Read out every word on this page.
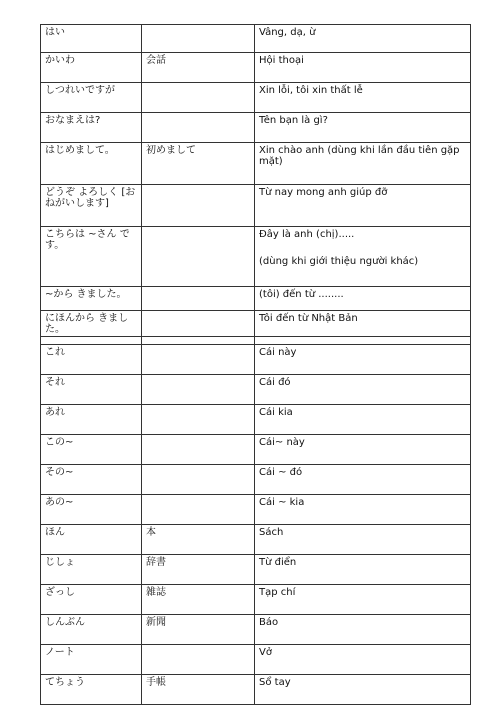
はい		Vâng, dạ, ừ
かいわ	会話	Hội thoại
しつれいですが		Xin lỗi, tôi xin thất lễ
おなまえは?		Tên bạn là gì?
はじめまして。	初めまして	Xin chào anh (dùng khi lần đầu tiên gặp mặt)
どうぞ よろしく [おねがいします]		Từ nay mong anh giúp đỡ
こちらは ~さん です。		Đây là anh (chị).....
(dùng khi giới thiệu người khác)

~から きました。		(tôi) đến từ ........
にほんから きました。		Tôi đến từ Nhật Bản

これ		Cái này
それ		Cái đó
あれ		Cái kia
この~		Cái~ này
その~		Cái ~ đó
あの~		Cái ~ kia
ほん	本	Sách
じしょ	辞書	Từ điển
ざっし	雑誌	Tạp chí
しんぶん	新聞	Báo
ノート		Vở
てちょう	手帳	Sổ tay
